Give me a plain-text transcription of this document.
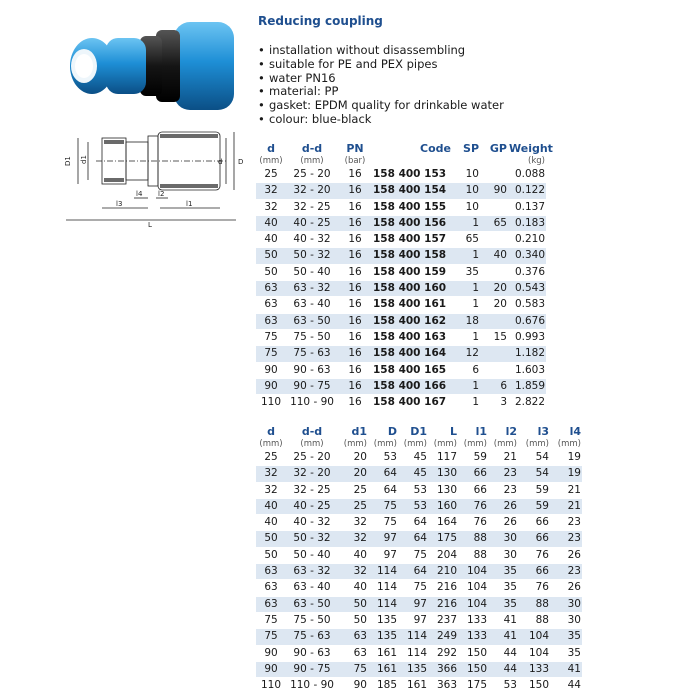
D1 d1	D
d
l3	l1
l4 l2
L
Reducing coupling
• installation without disassembling
• suitable for PE and PEX pipes
• water PN16
• material: PP
• gasket: EPDM quality for drinkable water
• colour: blue-black
d	d-d	PN	Code	SP	GP	Weight
(mm)	(mm)	(bar)				(kg)
25	25 - 20	16	158 400 153	10		0.088
32	32 - 20	16	158 400 154	10	90	0.122
32	32 - 25	16	158 400 155	10		0.137
40	40 - 25	16	158 400 156	1	65	0.183
40	40 - 32	16	158 400 157	65		0.210
50	50 - 32	16	158 400 158	1	40	0.340
50	50 - 40	16	158 400 159	35		0.376
63	63 - 32	16	158 400 160	1	20	0.543
63	63 - 40	16	158 400 161	1	20	0.583
63	63 - 50	16	158 400 162	18		0.676
75	75 - 50	16	158 400 163	1	15	0.993
75	75 - 63	16	158 400 164	12		1.182
90	90 - 63	16	158 400 165	6		1.603
90	90 - 75	16	158 400 166	1	6	1.859
110	110 - 90	16	158 400 167	1	3	2.822
d	d-d	d1	D	D1	L	l1	l2	l3	l4
(mm)	(mm)	(mm)	(mm)	(mm)	(mm)	(mm)	(mm)	(mm)	(mm)
25	25 - 20	20	53	45	117	59	21	54	19
32	32 - 20	20	64	45	130	66	23	54	19
32	32 - 25	25	64	53	130	66	23	59	21
40	40 - 25	25	75	53	160	76	26	59	21
40	40 - 32	32	75	64	164	76	26	66	23
50	50 - 32	32	97	64	175	88	30	66	23
50	50 - 40	40	97	75	204	88	30	76	26
63	63 - 32	32	114	64	210	104	35	66	23
63	63 - 40	40	114	75	216	104	35	76	26
63	63 - 50	50	114	97	216	104	35	88	30
75	75 - 50	50	135	97	237	133	41	88	30
75	75 - 63	63	135	114	249	133	41	104	35
90	90 - 63	63	161	114	292	150	44	104	35
90	90 - 75	75	161	135	366	150	44	133	41
110	110 - 90	90	185	161	363	175	53	150	44
